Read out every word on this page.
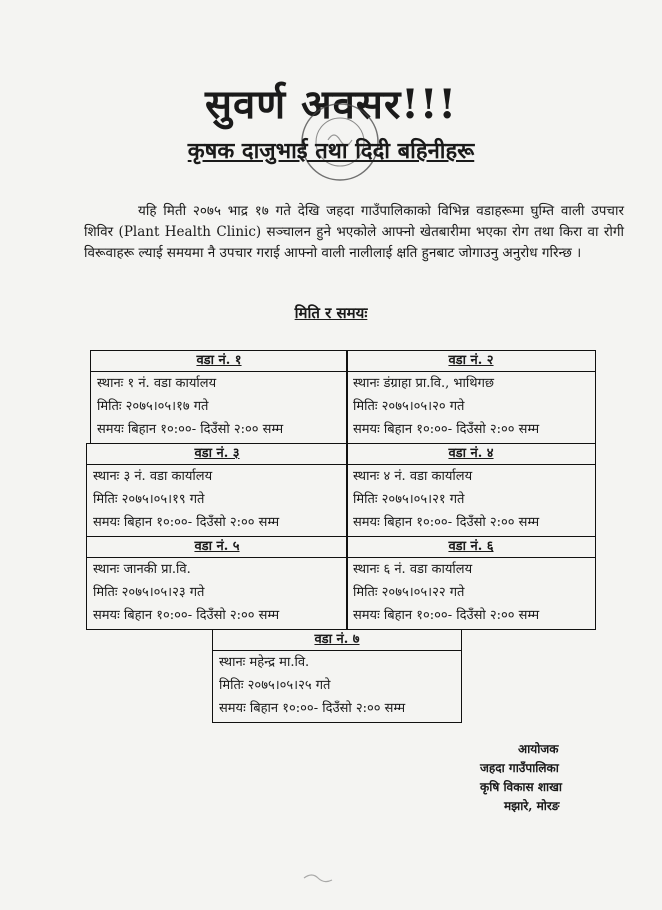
सुवर्ण अवसर!!!
कृषक दाजुभाई तथा दिदी बहिनीहरू
यहि मिती २०७५ भाद्र १७ गते देखि जहदा गाउँपालिकाको विभिन्न वडाहरूमा घुम्ति वाली उपचार शिविर (Plant Health Clinic) सञ्चालन हुने भएकोले आफ्नो खेतबारीमा भएका रोग तथा किरा वा रोगी विरूवाहरू ल्याई समयमा नै उपचार गराई आफ्नो वाली नालीलाई क्षति हुनबाट जोगाउनु अनुरोध गरिन्छ ।
मिति र समयः
वडा नं. १
स्थानः १ नं. वडा कार्यालय
मितिः २०७५।०५।१७ गते
समयः बिहान १०:००- दिउँसो २:०० सम्म
वडा नं. २
स्थानः डंग्राहा प्रा.वि., भाथिगछ
मितिः २०७५।०५।२० गते
समयः बिहान १०:००- दिउँसो २:०० सम्म
वडा नं. ३
स्थानः ३ नं. वडा कार्यालय
मितिः २०७५।०५।१९ गते
समयः बिहान १०:००- दिउँसो २:०० सम्म
वडा नं. ४
स्थानः ४ नं. वडा कार्यालय
मितिः २०७५।०५।२१ गते
समयः बिहान १०:००- दिउँसो २:०० सम्म
वडा नं. ५
स्थानः जानकी प्रा.वि.
मितिः २०७५।०५।२३ गते
समयः बिहान १०:००- दिउँसो २:०० सम्म
वडा नं. ६
स्थानः ६ नं. वडा कार्यालय
मितिः २०७५।०५।२२ गते
समयः बिहान १०:००- दिउँसो २:०० सम्म
वडा नं. ७
स्थानः महेन्द्र मा.वि.
मितिः २०७५।०५।२५ गते
समयः बिहान १०:००- दिउँसो २:०० सम्म
आयोजक
जहदा गाउँपालिका
कृषि विकास शाखा
मझारे, मोरङ
